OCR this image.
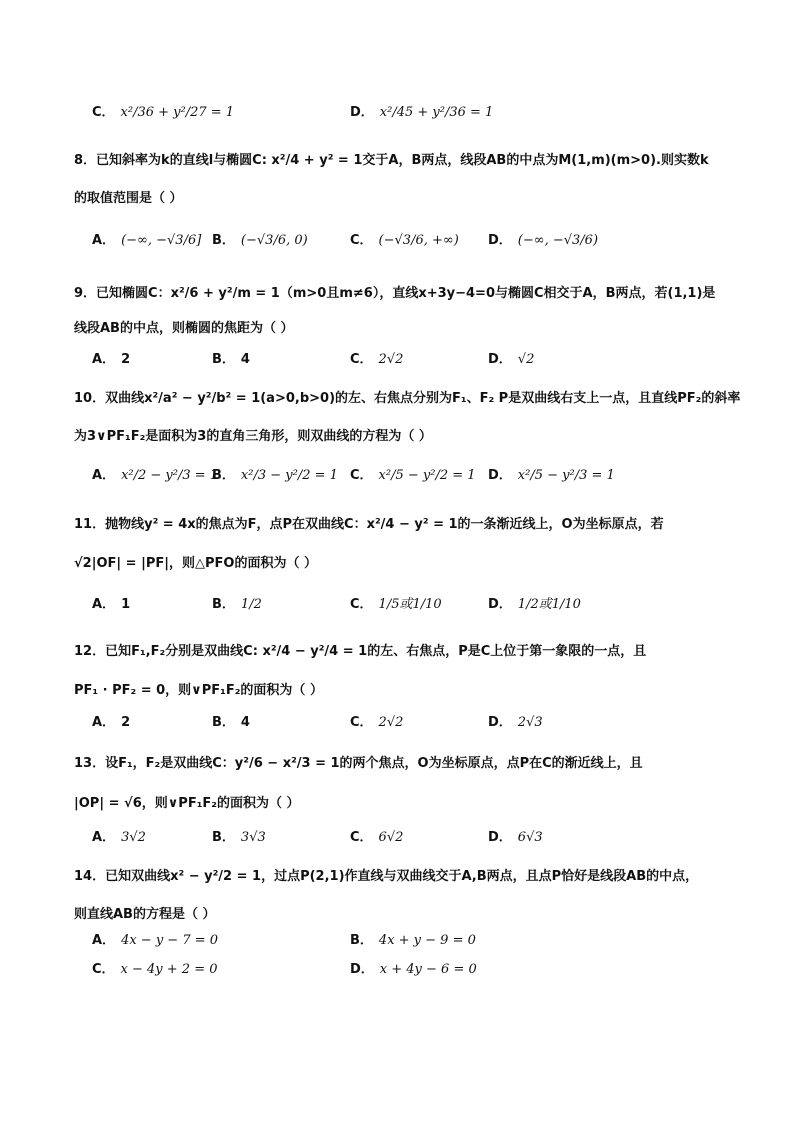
C． x²/36 + y²/27 = 1	D． x²/45 + y²/36 = 1
8．已知斜率为k的直线l与椭圆C: x²/4 + y² = 1交于A，B两点，线段AB的中点为M(1,m)(m>0).则实数k
的取值范围是（ ）
A． (−∞, −√3/6] B． (−√3/6, 0)	C． (−√3/6, +∞) D． (−∞, −√3/6)
9．已知椭圆C：x²/6 + y²/m = 1（m>0且m≠6），直线x+3y−4=0与椭圆C相交于A，B两点，若(1,1)是
线段AB的中点，则椭圆的焦距为（ ）
A． 2	B． 4	C． 2√2	D． √2
10．双曲线x²/a² − y²/b² = 1(a>0,b>0)的左、右焦点分别为F₁、F₂ P是双曲线右支上一点，且直线PF₂的斜率
为3∨PF₁F₂是面积为3的直角三角形，则双曲线的方程为（ ）
A． x²/2 − y²/3 = 1
B． x²/3 − y²/2 = 1 C． x²/5 − y²/2 = 1 D． x²/5 − y²/3 = 1
11．抛物线y² = 4x的焦点为F，点P在双曲线C：x²/4 − y² = 1的一条渐近线上，O为坐标原点，若
√2|OF| = |PF|，则△PFO的面积为（ ）
A． 1	B． 1/2	C． 1/5或1/10	D． 1/2或1/10
12．已知F₁,F₂分别是双曲线C: x²/4 − y²/4 = 1的左、右焦点，P是C上位于第一象限的一点，且
PF₁ · PF₂ = 0，则∨PF₁F₂的面积为（ ）
A． 2	B． 4	C． 2√2	D． 2√3
13．设F₁，F₂是双曲线C：y²/6 − x²/3 = 1的两个焦点，O为坐标原点，点P在C的渐近线上，且
|OP| = √6，则∨PF₁F₂的面积为（ ）
A． 3√2	B． 3√3	C． 6√2	D． 6√3
14．已知双曲线x² − y²/2 = 1，过点P(2,1)作直线与双曲线交于A,B两点，且点P恰好是线段AB的中点，
则直线AB的方程是（ ）
A． 4x − y − 7 = 0	B． 4x + y − 9 = 0
C． x − 4y + 2 = 0	D． x + 4y − 6 = 0
